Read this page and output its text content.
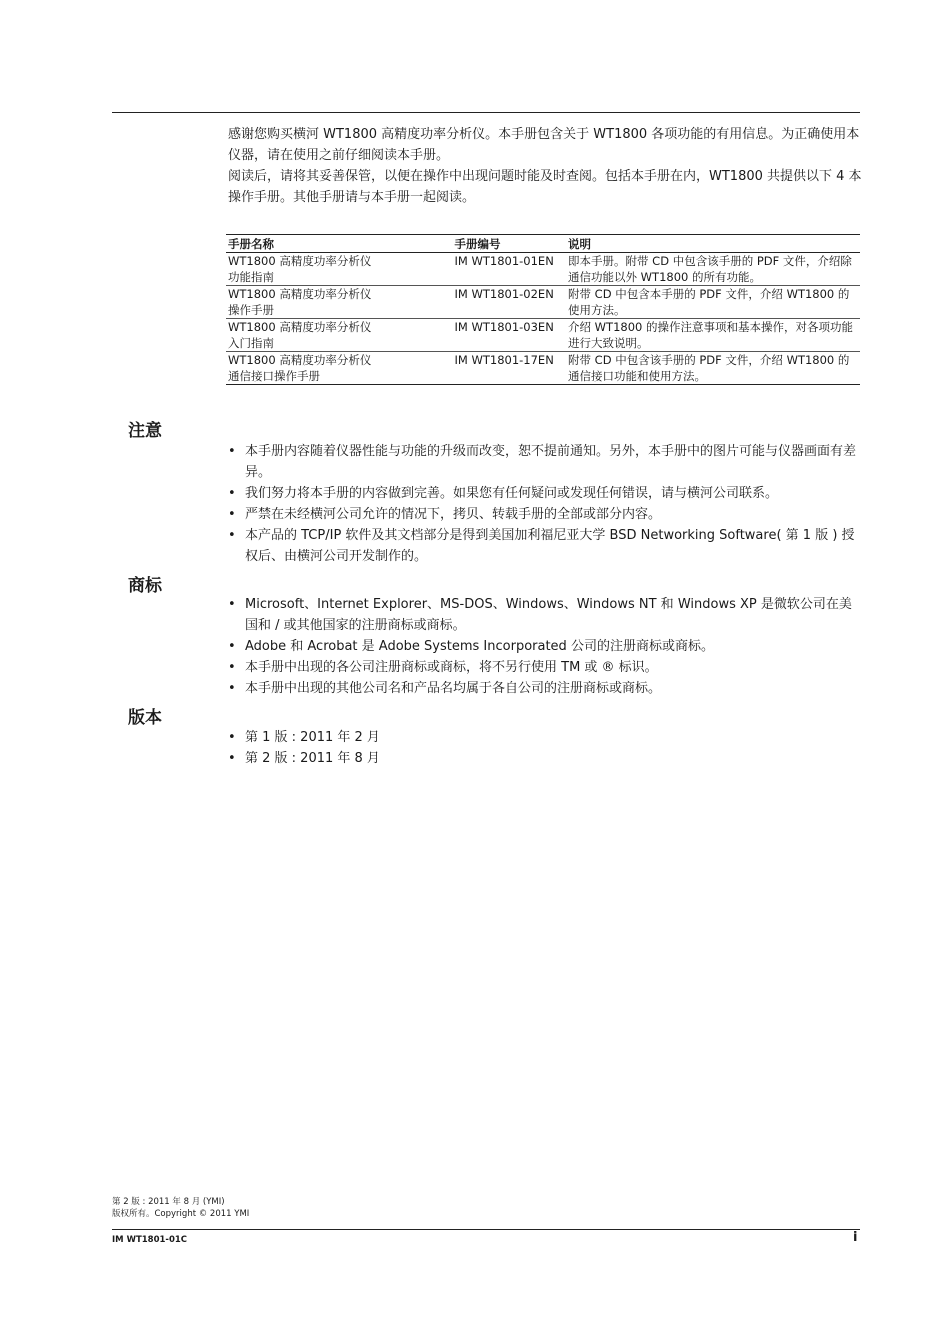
感谢您购买横河 WT1800 高精度功率分析仪。本手册包含关于 WT1800 各项功能的有用信息。为正确使用本仪器，请在使用之前仔细阅读本手册。

阅读后，请将其妥善保管，以便在操作中出现问题时能及时查阅。包括本手册在内，WT1800 共提供以下 4 本操作手册。其他手册请与本手册一起阅读。

手册名称	手册编号	说明
WT1800 高精度功率分析仪
功能指南	IM WT1801-01EN	即本手册。附带 CD 中包含该手册的 PDF 文件，介绍除通信功能以外 WT1800 的所有功能。
WT1800 高精度功率分析仪
操作手册	IM WT1801-02EN	附带 CD 中包含本手册的 PDF 文件，介绍 WT1800 的使用方法。
WT1800 高精度功率分析仪
入门指南	IM WT1801-03EN	介绍 WT1800 的操作注意事项和基本操作，对各项功能进行大致说明。
WT1800 高精度功率分析仪
通信接口操作手册	IM WT1801-17EN	附带 CD 中包含该手册的 PDF 文件，介绍 WT1800 的通信接口功能和使用方法。
注意
• 本手册内容随着仪器性能与功能的升级而改变，恕不提前通知。另外，本手册中的图片可能与仪器画面有差异。
• 我们努力将本手册的内容做到完善。如果您有任何疑问或发现任何错误，请与横河公司联系。
• 严禁在未经横河公司允许的情况下，拷贝、转载手册的全部或部分内容。
• 本产品的 TCP/IP 软件及其文档部分是得到美国加利福尼亚大学 BSD Networking Software( 第 1 版 ) 授权后、由横河公司开发制作的。
商标
• Microsoft、Internet Explorer、MS-DOS、Windows、Windows NT 和 Windows XP 是微软公司在美国和 / 或其他国家的注册商标或商标。
• Adobe 和 Acrobat 是 Adobe Systems Incorporated 公司的注册商标或商标。
• 本手册中出现的各公司注册商标或商标，将不另行使用 TM 或 ® 标识。
• 本手册中出现的其他公司名和产品名均属于各自公司的注册商标或商标。
版本
• 第 1 版 : 2011 年 2 月
• 第 2 版 : 2011 年 8 月
第 2 版 : 2011 年 8 月 (YMI)
版权所有。Copyright © 2011 YMI
IM WT1801-01C	i
